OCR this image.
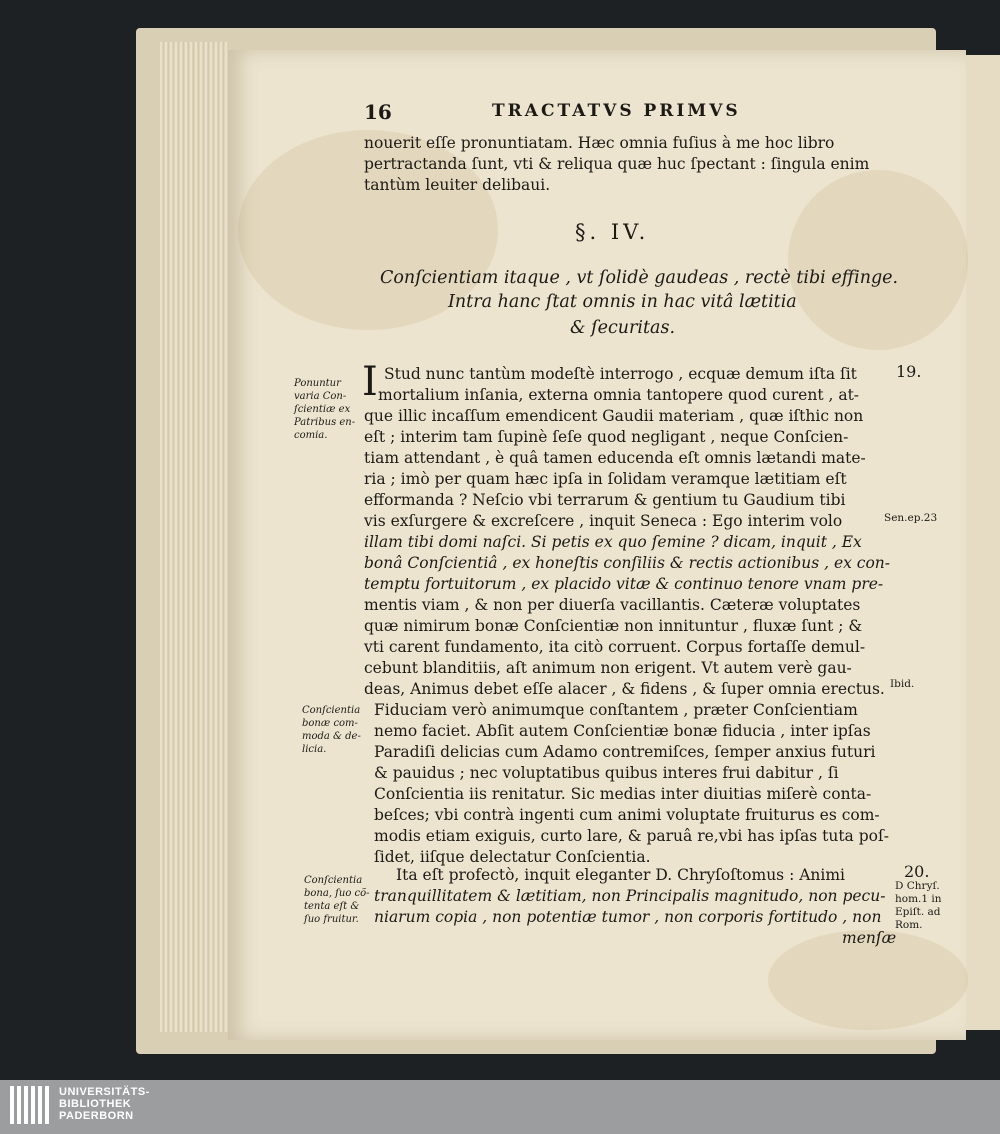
16	TRACTATVS PRIMVS
nouerit eſſe pronuntiatam. Hæc omnia fuſius à me hoc libro
pertractanda ſunt, vti & reliqua quæ huc ſpectant : ſingula enim
tantùm leuiter delibaui.
§. IV.
Conſcientiam itaque , vt ſolidè gaudeas , rectè tibi effinge.
Intra hanc ſtat omnis in hac vitâ lætitia
& ſecuritas.
I Stud nunc tantùm modeſtè interrogo , ecquæ demum iſta ſit
mortalium inſania, externa omnia tantopere quod curent , at-
que illic incaſſum emendicent Gaudii materiam , quæ iſthic non
eſt ; interim tam ſupinè ſeſe quod negligant , neque Conſcien-
tiam attendant , è quâ tamen educenda eſt omnis lætandi mate-
ria ; imò per quam hæc ipſa in ſolidam veramque lætitiam eſt
efformanda ? Neſcio vbi terrarum & gentium tu Gaudium tibi
vis exſurgere & excreſcere , inquit Seneca : Ego interim volo
illam tibi domi naſci. Si petis ex quo ſemine ? dicam, inquit , Ex
bonâ Conſcientiâ , ex honeſtis conſiliis & rectis actionibus , ex con-
temptu fortuitorum , ex placido vitæ & continuo tenore vnam pre-
mentis viam , & non per diuerſa vacillantis. Cæteræ voluptates
quæ nimirum bonæ Conſcientiæ non innituntur , fluxæ ſunt ; &
vti carent fundamento, ita citò corruent. Corpus fortaſſe demul-
cebunt blanditiis, aſt animum non erigent. Vt autem verè gau-
deas, Animus debet eſſe alacer , & fidens , & ſuper omnia erectus.
Fiduciam verò animumque conſtantem , præter Conſcientiam
nemo faciet. Abſit autem Conſcientiæ bonæ fiducia , inter ipſas
Paradiſi delicias cum Adamo contremiſces, ſemper anxius futuri
& pauidus ; nec voluptatibus quibus interes frui dabitur , ſi
Conſcientia iis renitatur. Sic medias inter diuitias miſerè conta-
beſces; vbi contrà ingenti cum animi voluptate fruiturus es com-
modis etiam exiguis, curto lare, & paruâ re,vbi has ipſas tuta poſ-
ſidet, iiſque delectatur Conſcientia.
Ita eſt profectò, inquit eleganter D. Chryſoſtomus : Animi
tranquillitatem & lætitiam, non Principalis magnitudo, non pecu-
niarum copia , non potentiæ tumor , non corporis fortitudo , non
menſæ
Ponuntur
varia Con-
ſcientiæ ex
Patribus en-
comia.
Conſcientia
bonæ com-
moda & de-
licia.
Conſcientia
bona, ſuo cõ-
tenta eſt &
ſuo fruitur.
19.
Sen.ep.23
Ibid.
20.
D Chryſ.
hom.1 in
Epiſt. ad
Rom.
UNIVERSITÄTS-
BIBLIOTHEK
PADERBORN
